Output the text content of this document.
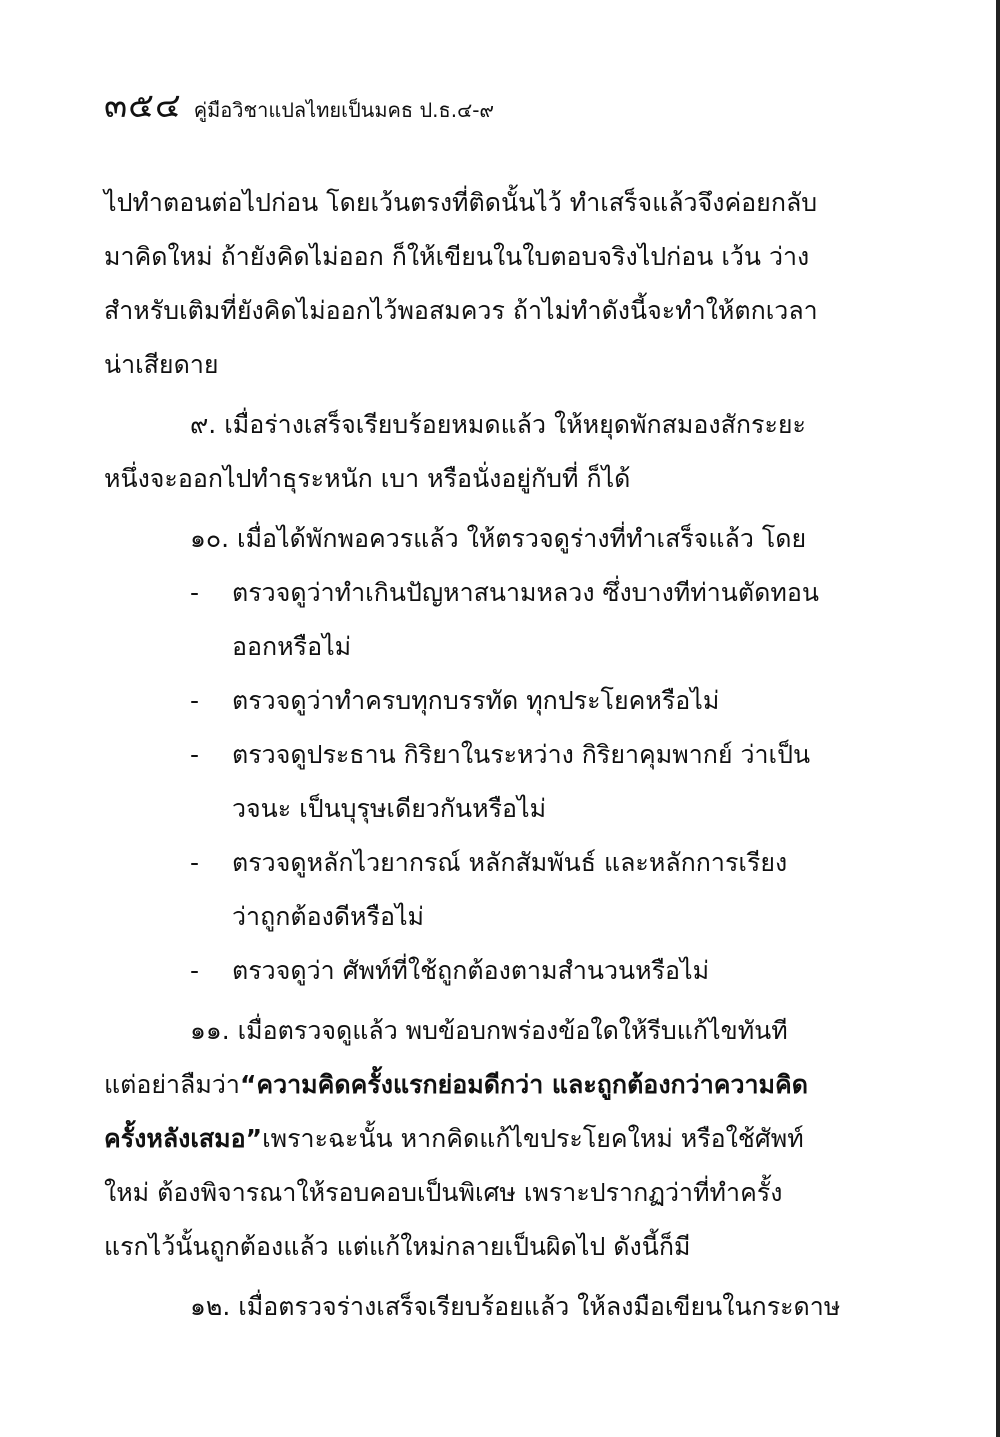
๓๕๔ คู่มือวิชาแปลไทยเป็นมคธ ป.ธ.๔-๙
ไปทำตอนต่อไปก่อน โดยเว้นตรงที่ติดนั้นไว้ ทำเสร็จแล้วจึงค่อยกลับ
มาคิดใหม่ ถ้ายังคิดไม่ออก ก็ให้เขียนในใบตอบจริงไปก่อน เว้น ว่าง
สำหรับเติมที่ยังคิดไม่ออกไว้พอสมควร ถ้าไม่ทำดังนี้จะทำให้ตกเวลา
น่าเสียดาย
๙. เมื่อร่างเสร็จเรียบร้อยหมดแล้ว ให้หยุดพักสมองสักระยะ
หนึ่งจะออกไปทำธุระหนัก เบา หรือนั่งอยู่กับที่ ก็ได้
๑๐. เมื่อได้พักพอควรแล้ว ให้ตรวจดูร่างที่ทำเสร็จแล้ว โดย
-	ตรวจดูว่าทำเกินปัญหาสนามหลวง ซึ่งบางทีท่านตัดทอน
ออกหรือไม่
-	ตรวจดูว่าทำครบทุกบรรทัด ทุกประโยคหรือไม่
-	ตรวจดูประธาน กิริยาในระหว่าง กิริยาคุมพากย์ ว่าเป็น
วจนะ เป็นบุรุษเดียวกันหรือไม่
-	ตรวจดูหลักไวยากรณ์ หลักสัมพันธ์ และหลักการเรียง
ว่าถูกต้องดีหรือไม่
-	ตรวจดูว่า ศัพท์ที่ใช้ถูกต้องตามสำนวนหรือไม่
๑๑. เมื่อตรวจดูแล้ว พบข้อบกพร่องข้อใดให้รีบแก้ไขทันที
แต่อย่าลืมว่า “ความคิดครั้งแรกย่อมดีกว่า และถูกต้องกว่าความคิด
ครั้งหลังเสมอ” เพราะฉะนั้น หากคิดแก้ไขประโยคใหม่ หรือใช้ศัพท์
ใหม่ ต้องพิจารณาให้รอบคอบเป็นพิเศษ เพราะปรากฏว่าที่ทำครั้ง
แรกไว้นั้นถูกต้องแล้ว แต่แก้ใหม่กลายเป็นผิดไป ดังนี้ก็มี
๑๒. เมื่อตรวจร่างเสร็จเรียบร้อยแล้ว ให้ลงมือเขียนในกระดาษ
